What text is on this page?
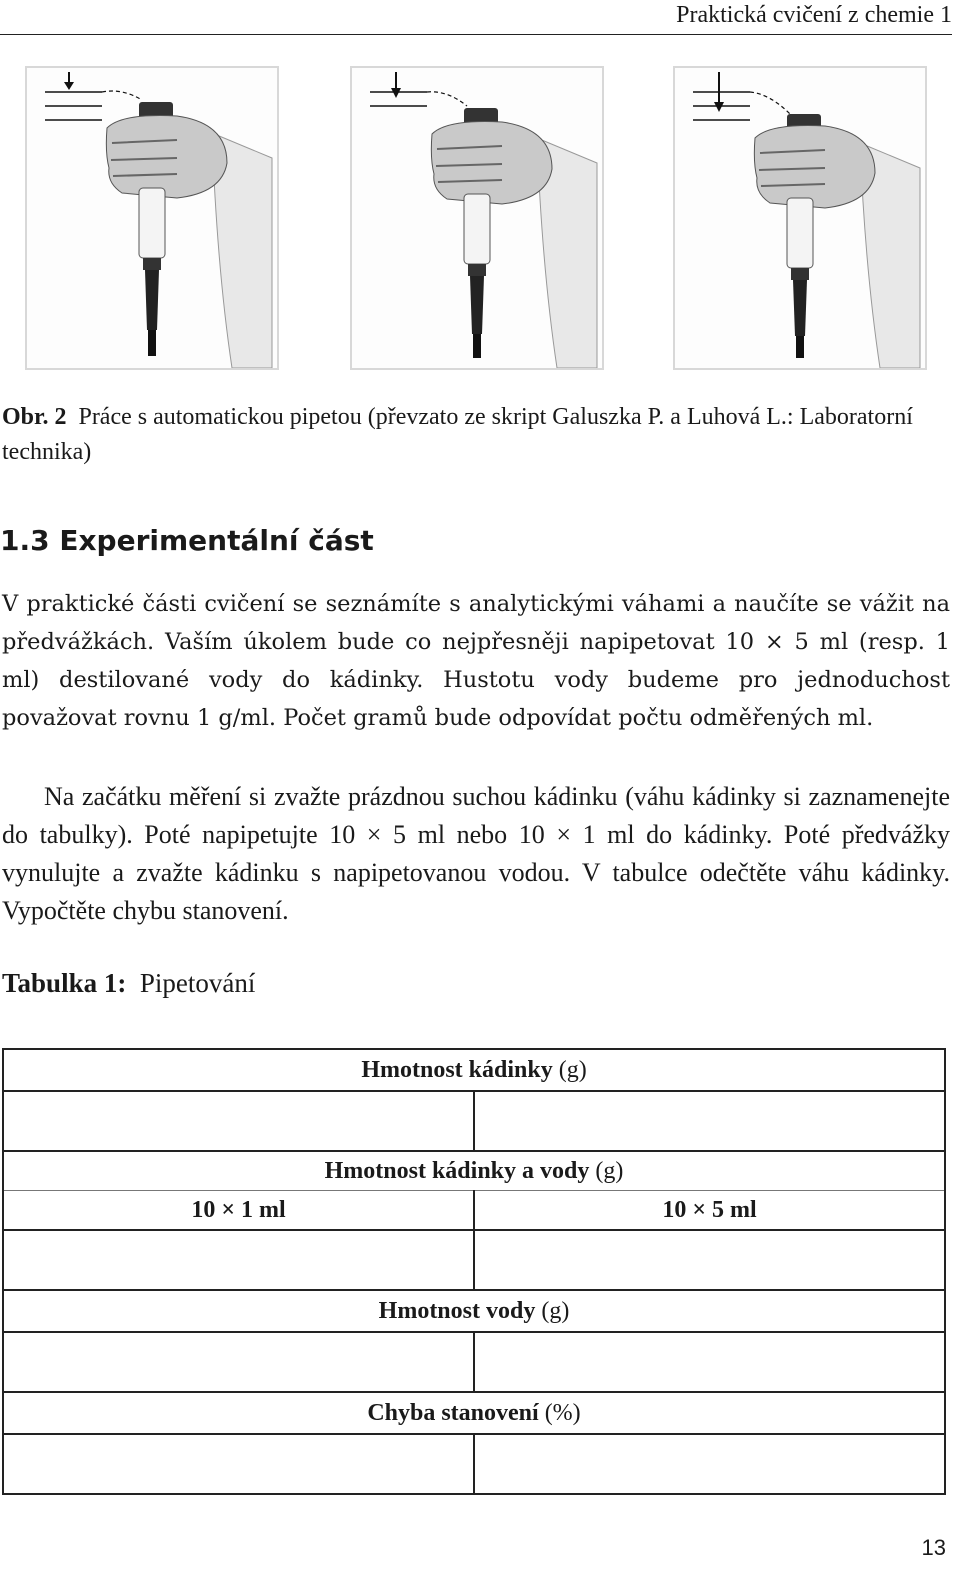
Praktická cvičení z chemie 1
Obr. 2 Práce s automatickou pipetou (převzato ze skript Galuszka P. a Luhová L.: Laboratorní technika)
1.3 Experimentální část

V praktické části cvičení se seznámíte s analytickými váhami a naučíte se vážit na předvážkách. Vaším úkolem bude co nejpřesněji napipetovat 10 × 5 ml (resp. 1 ml) destilované vody do kádinky. Hustotu vody budeme pro jednoduchost považovat rovnu 1 g/ml. Počet gramů bude odpovídat počtu odměřených ml.

Na začátku měření si zvažte prázdnou suchou kádinku (váhu kádinky si zaznamenejte do tabulky). Poté napipetujte 10 × 5 ml nebo 10 × 1 ml do kádinky. Poté předvážky vynulujte a zvažte kádinku s napipetovanou vodou. V tabulce odečtěte váhu kádinky. Vypočtěte chybu stanovení.

Tabulka 1: Pipetování
Hmotnost kádinky (g)	

Hmotnost kádinky a vody (g)	
10 × 1 ml	10 × 5 ml

Hmotnost vody (g)	

Chyba stanovení (%)	

13
